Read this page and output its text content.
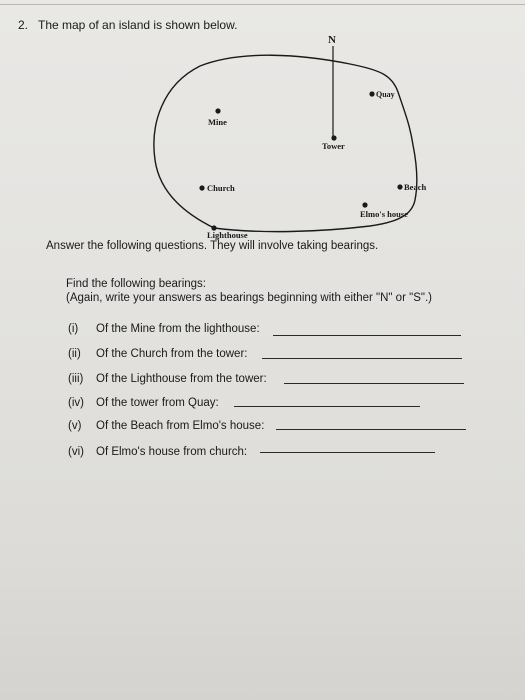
2. The map of an island is shown below.
N
Mine
Tower
Quay
Church	Beach
Elmo's house
Lighthouse
Answer the following questions. They will involve taking bearings.
Find the following bearings:
(Again, write your answers as bearings beginning with either "N" or "S".)
(i) Of the Mine from the lighthouse:
(ii) Of the Church from the tower:
(iii) Of the Lighthouse from the tower:
(iv) Of the tower from Quay:
(v) Of the Beach from Elmo's house:
(vi) Of Elmo's house from church:
